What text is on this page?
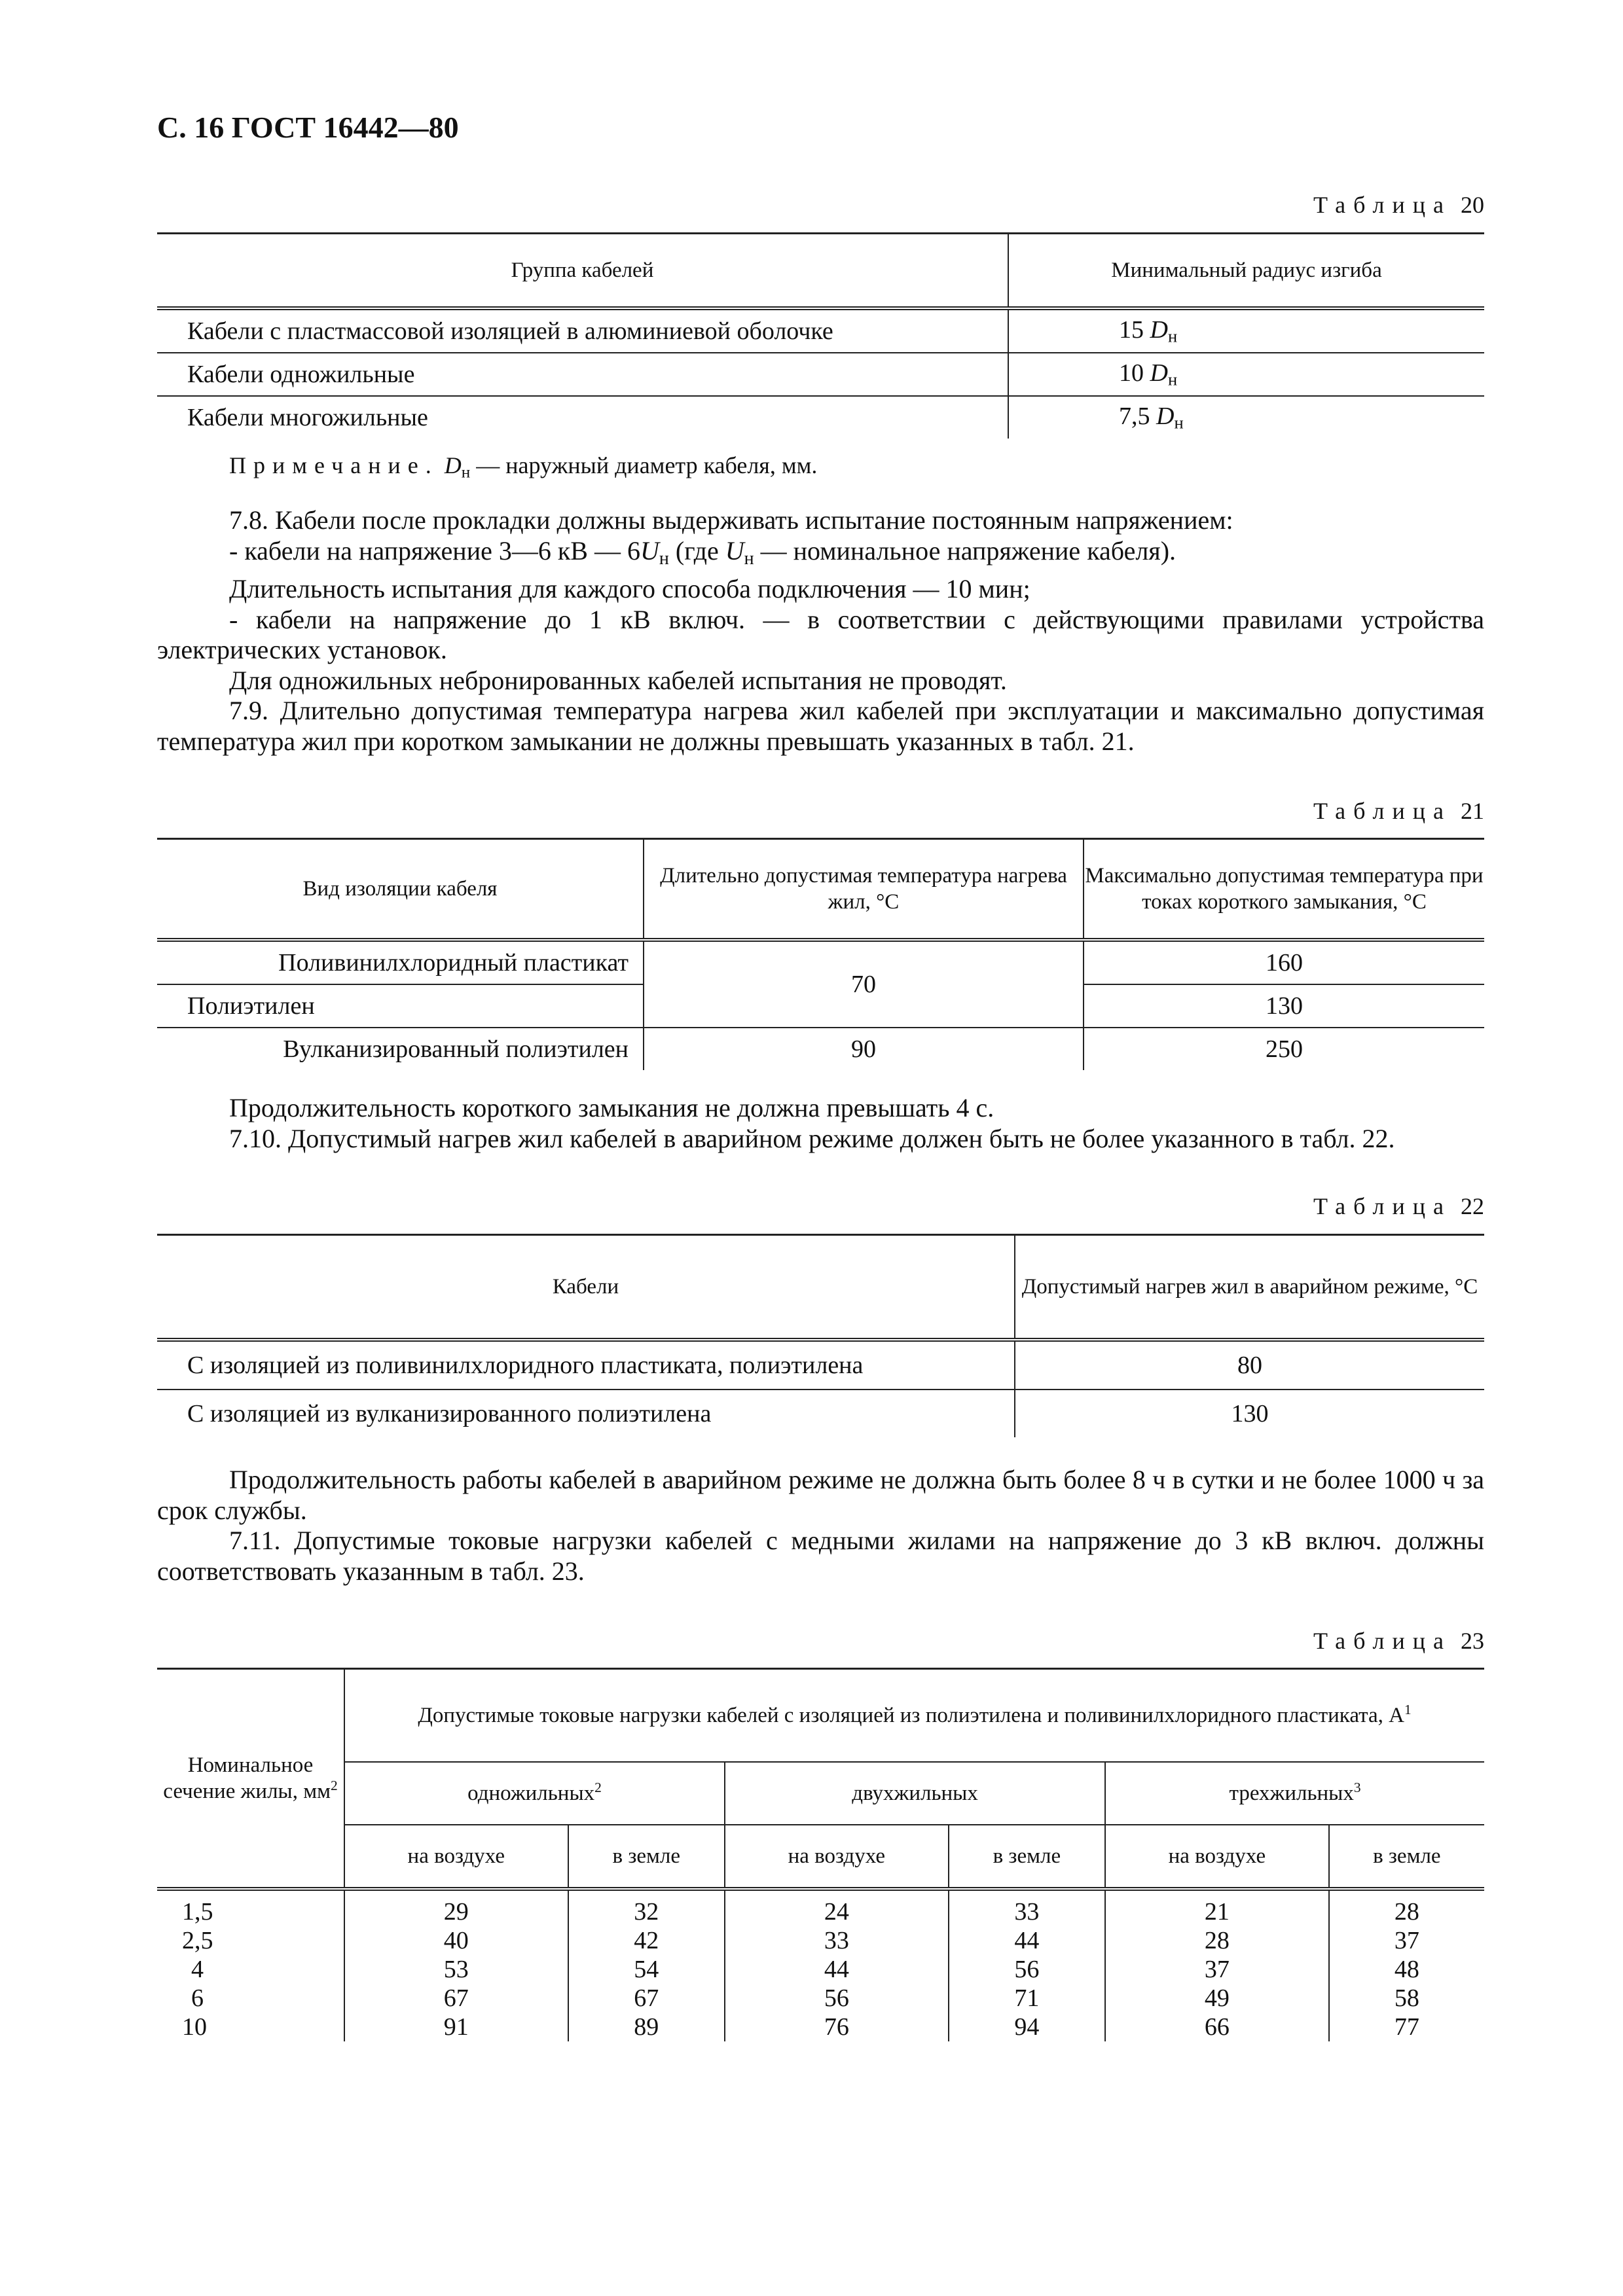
С. 16 ГОСТ 16442—80
Таблица 20
Группа кабелей	Минимальный радиус изгиба
Кабели с пластмассовой изоляцией в алюминиевой оболочке	15 $D_н$
Кабели одножильные	10 $D_н$
Кабели многожильные	7,5 $D_н$
Примечание. $D_н$ — наружный диаметр кабеля, мм.

7.8. Кабели после прокладки должны выдерживать испытание постоянным напряжением:

- кабели на напряжение 3—6 кВ — $6U_н$ (где $U_н$ — номинальное напряжение кабеля).

Длительность испытания для каждого способа подключения — 10 мин;

- кабели на напряжение до 1 кВ включ. — в соответствии с действующими правилами устройства электрических установок.

Для одножильных небронированных кабелей испытания не проводят.

7.9. Длительно допустимая температура нагрева жил кабелей при эксплуатации и максимально допустимая температура жил при коротком замыкании не должны превышать указанных в табл. 21.

Таблица 21
Вид изоляции кабеля	Длительно допустимая температура нагрева жил, °С	Максимально допустимая температура при токах короткого замыкания, °С
Поливинилхлоридный пластикат	70	160
Полиэтилен		130
Вулканизированный полиэтилен	90	250

Продолжительность короткого замыкания не должна превышать 4 с.

7.10. Допустимый нагрев жил кабелей в аварийном режиме должен быть не более указанного в табл. 22.

Таблица 22
Кабели	Допустимый нагрев жил в аварийном режиме, °С
С изоляцией из поливинилхлоридного пластиката, полиэтилена	80
С изоляцией из вулканизированного полиэтилена	130

Продолжительность работы кабелей в аварийном режиме не должна быть более 8 ч в сутки и не более 1000 ч за срок службы.

7.11. Допустимые токовые нагрузки кабелей с медными жилами на напряжение до 3 кВ включ. должны соответствовать указанным в табл. 23.

Таблица 23
Номинальное сечение жилы, $мм^2$	Допустимые токовые нагрузки кабелей с изоляцией из полиэтилена и поливинилхлоридного пластиката, $А^1$
	одножильных$^2$		двухжильных		трехжильных$^3$
	на воздухе	в земле	на воздухе	в земле	на воздухе	в земле
1,5	29	32	24	33	21	28
2,5	40	42	33	44	28	37
4	53	54	44	56	37	48
6	67	67	56	71	49	58
10	91	89	76	94	66	77
